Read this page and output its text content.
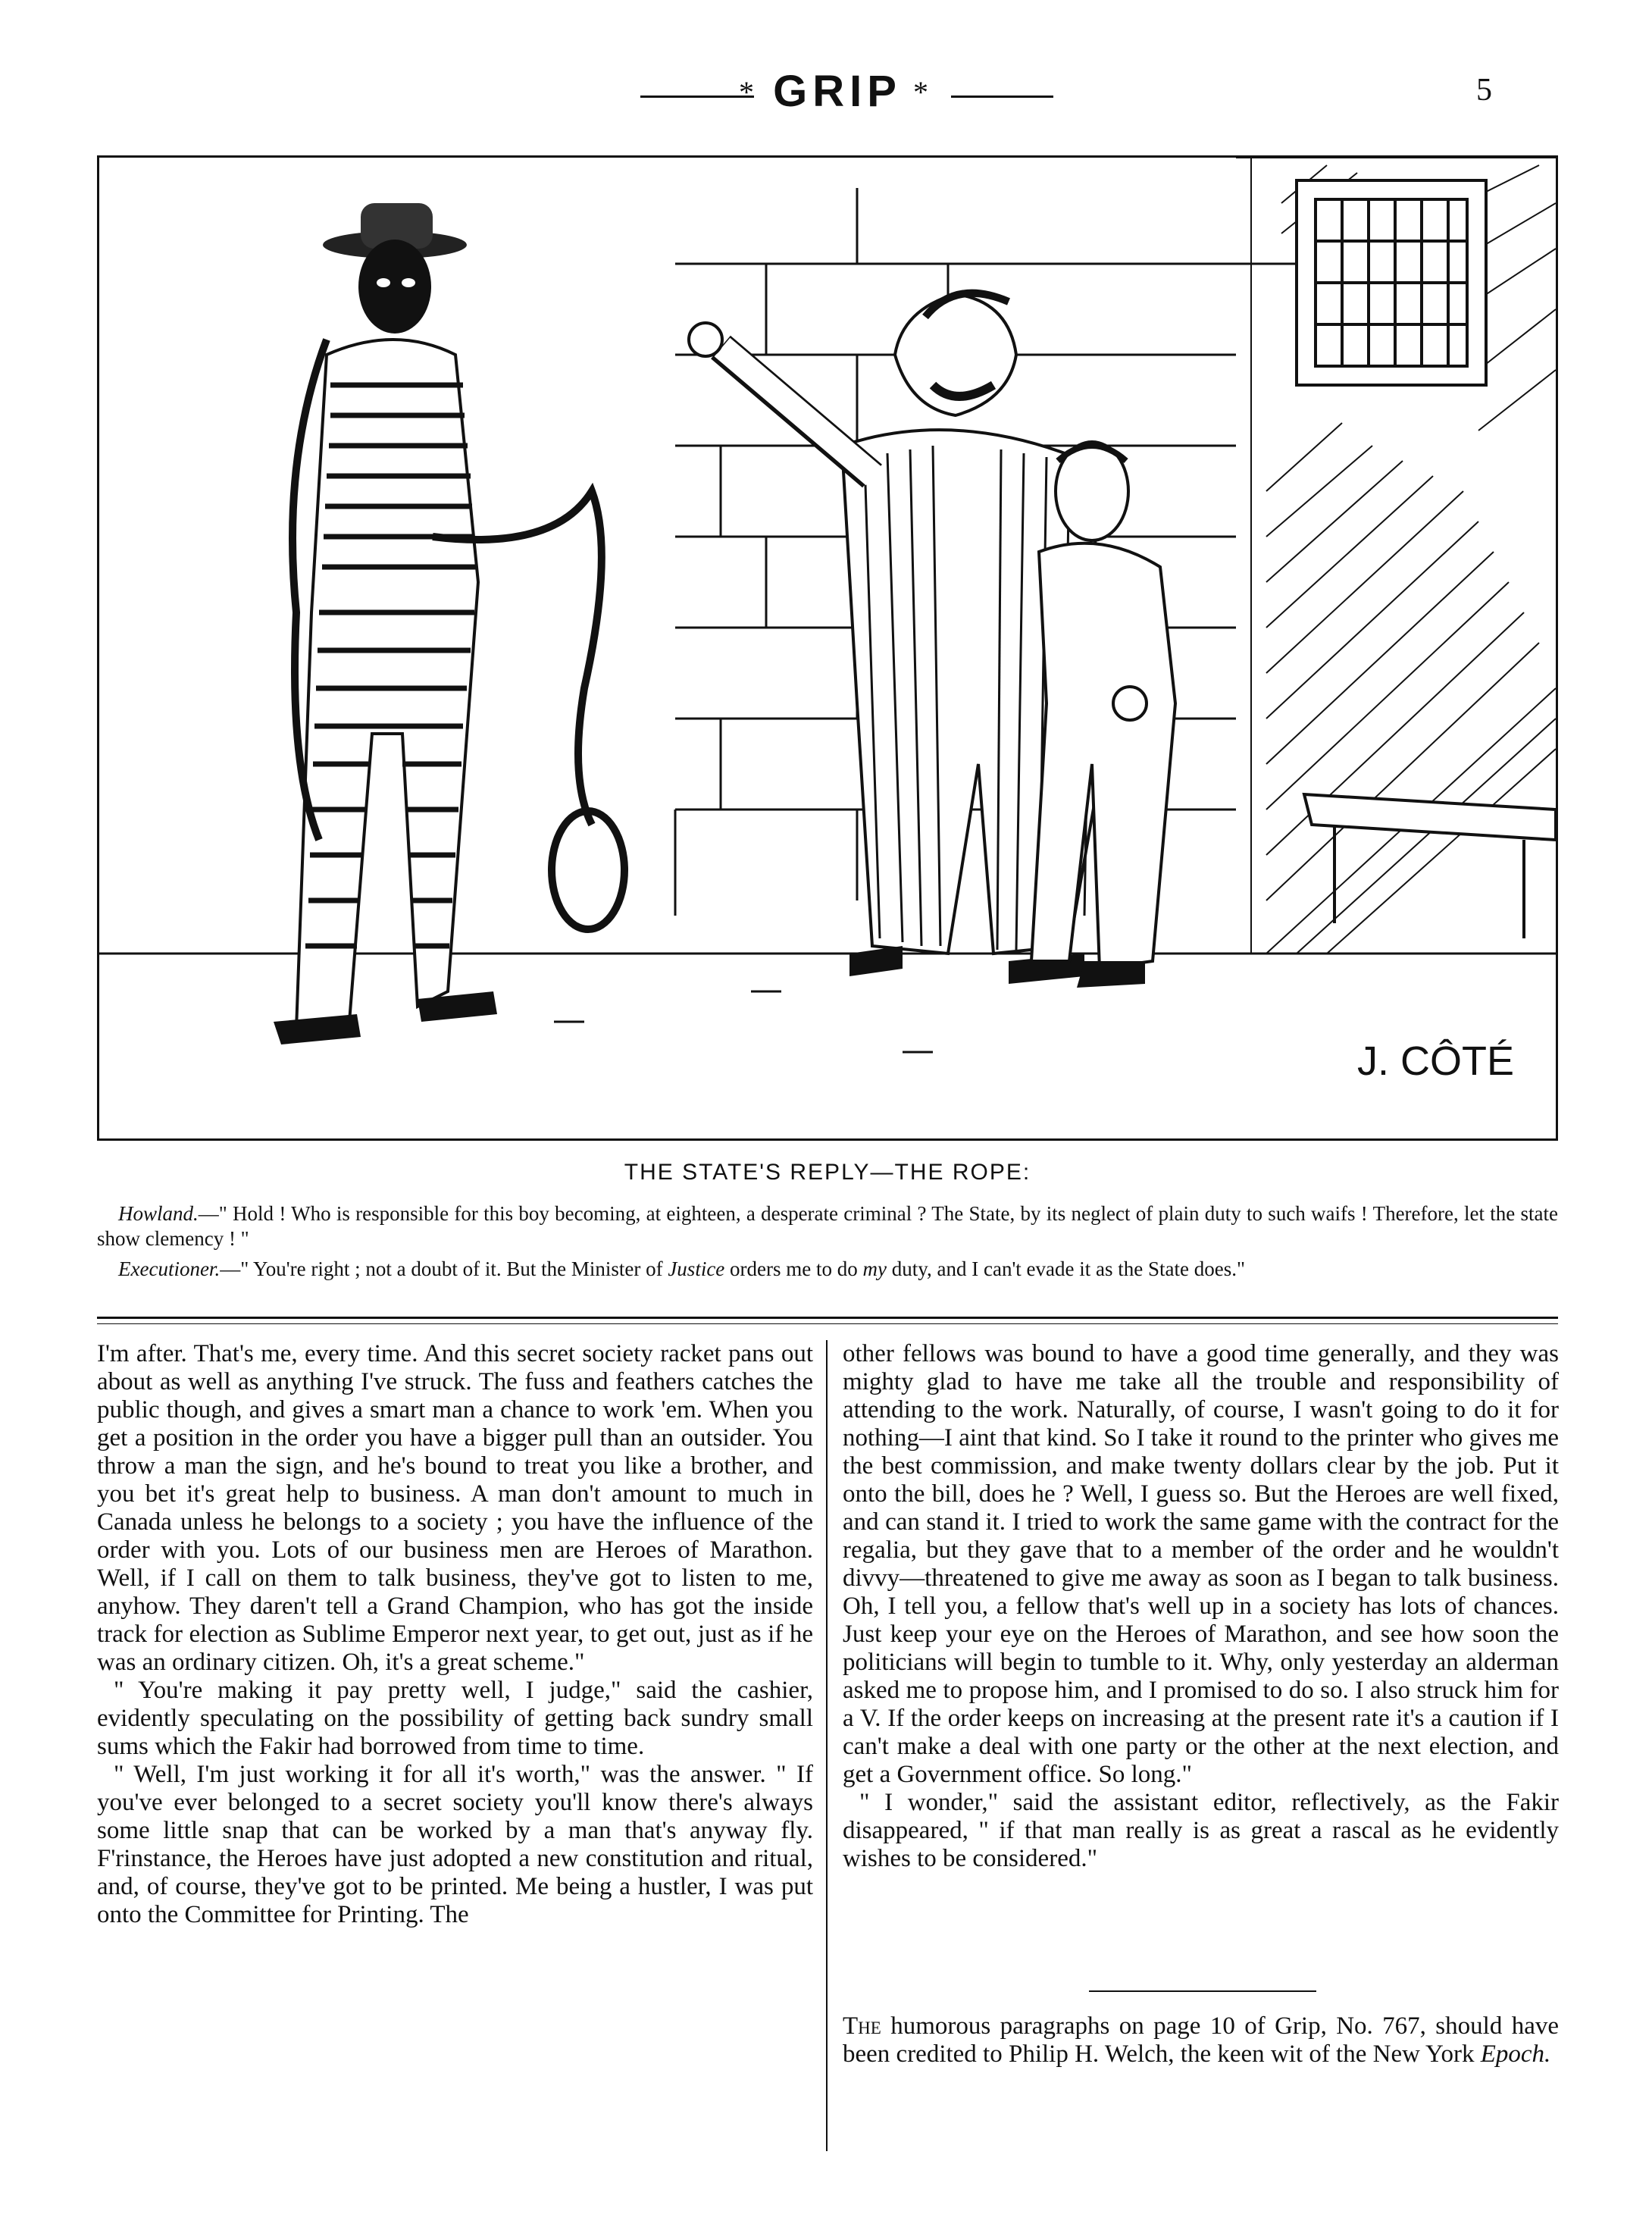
* GRIP *	5
J. CÔTÉ
THE STATE'S REPLY—THE ROPE:

Howland.—" Hold ! Who is responsible for this boy becoming, at eighteen, a desperate criminal ? The State, by its neglect of plain duty to such waifs ! Therefore, let the state show clemency ! "

Executioner.—" You're right ; not a doubt of it. But the Minister of Justice orders me to do my duty, and I can't evade it as the State does."

I'm after. That's me, every time. And this secret society racket pans out about as well as anything I've struck. The fuss and feathers catches the public though, and gives a smart man a chance to work 'em. When you get a position in the order you have a bigger pull than an outsider. You throw a man the sign, and he's bound to treat you like a brother, and you bet it's great help to business. A man don't amount to much in Canada unless he belongs to a society ; you have the influence of the order with you. Lots of our business men are Heroes of Marathon. Well, if I call on them to talk business, they've got to listen to me, anyhow. They daren't tell a Grand Champion, who has got the inside track for election as Sublime Emperor next year, to get out, just as if he was an ordinary citizen. Oh, it's a great scheme."

" You're making it pay pretty well, I judge," said the cashier, evidently speculating on the possibility of getting back sundry small sums which the Fakir had borrowed from time to time.

" Well, I'm just working it for all it's worth," was the answer. " If you've ever belonged to a secret society you'll know there's always some little snap that can be worked by a man that's anyway fly. F'rinstance, the Heroes have just adopted a new constitution and ritual, and, of course, they've got to be printed. Me being a hustler, I was put onto the Committee for Printing. The

other fellows was bound to have a good time generally, and they was mighty glad to have me take all the trouble and responsibility of attending to the work. Naturally, of course, I wasn't going to do it for nothing—I aint that kind. So I take it round to the printer who gives me the best commission, and make twenty dollars clear by the job. Put it onto the bill, does he ? Well, I guess so. But the Heroes are well fixed, and can stand it. I tried to work the same game with the contract for the regalia, but they gave that to a member of the order and he wouldn't divvy—threatened to give me away as soon as I began to talk business. Oh, I tell you, a fellow that's well up in a society has lots of chances. Just keep your eye on the Heroes of Marathon, and see how soon the politicians will begin to tumble to it. Why, only yesterday an alderman asked me to propose him, and I promised to do so. I also struck him for a V. If the order keeps on increasing at the present rate it's a caution if I can't make a deal with one party or the other at the next election, and get a Government office. So long."

" I wonder," said the assistant editor, reflectively, as the Fakir disappeared, " if that man really is as great a rascal as he evidently wishes to be considered."

The humorous paragraphs on page 10 of Grip, No. 767, should have been credited to Philip H. Welch, the keen wit of the New York Epoch.
